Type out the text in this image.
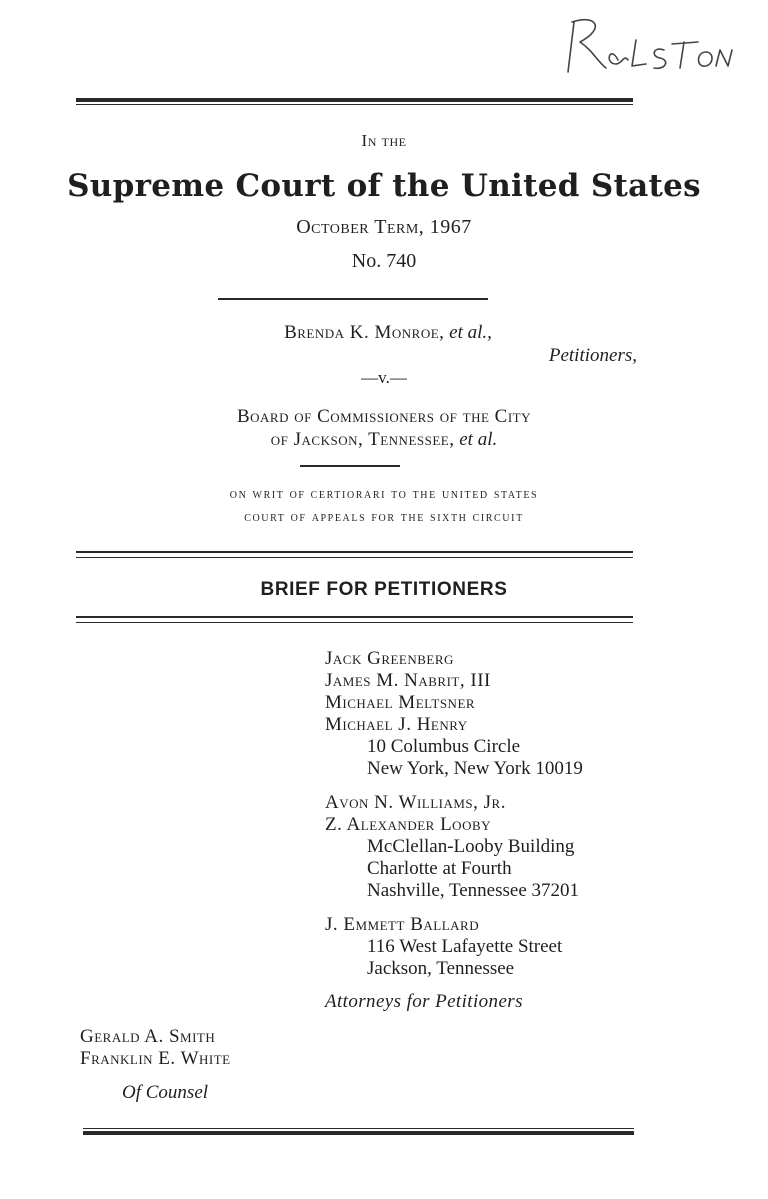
In the
Supreme Court of the United States
October Term, 1967
No. 740
Brenda K. Monroe, et al.,
Petitioners,
—v.—
Board of Commissioners of the City
of Jackson, Tennessee, et al.
on writ of certiorari to the united states
court of appeals for the sixth circuit
BRIEF FOR PETITIONERS
Jack Greenberg
James M. Nabrit, III
Michael Meltsner
Michael J. Henry
10 Columbus Circle
New York, New York 10019
Avon N. Williams, Jr.
Z. Alexander Looby
McClellan-Looby Building
Charlotte at Fourth
Nashville, Tennessee 37201
J. Emmett Ballard
116 West Lafayette Street
Jackson, Tennessee
Attorneys for Petitioners
Gerald A. Smith
Franklin E. White
Of Counsel
